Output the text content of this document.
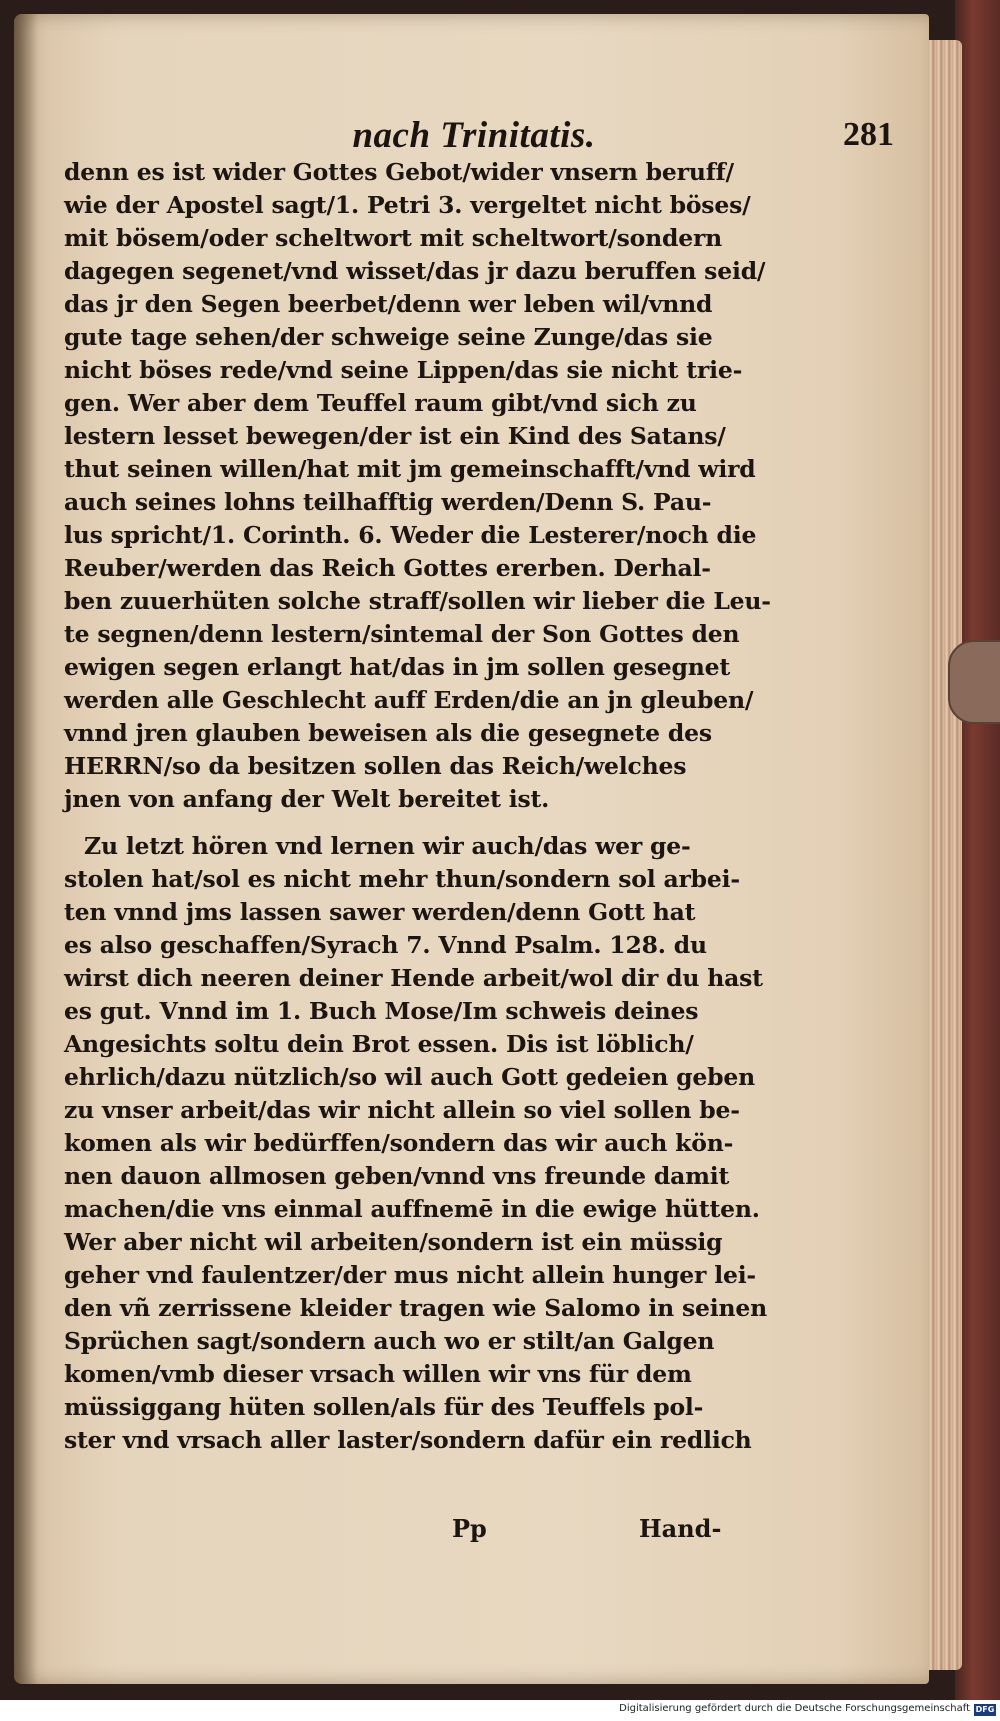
nach Trinitatis.	281
denn es ist wider Gottes Gebot/wider vnsern beruff/
wie der Apostel sagt/1. Petri 3. vergeltet nicht böses/
mit bösem/oder scheltwort mit scheltwort/sondern
dagegen segenet/vnd wisset/das jr dazu beruffen seid/
das jr den Segen beerbet/denn wer leben wil/vnnd
gute tage sehen/der schweige seine Zunge/das sie
nicht böses rede/vnd seine Lippen/das sie nicht trie-
gen. Wer aber dem Teuffel raum gibt/vnd sich zu
lestern lesset bewegen/der ist ein Kind des Satans/
thut seinen willen/hat mit jm gemeinschafft/vnd wird
auch seines lohns teilhafftig werden/Denn S. Pau-
lus spricht/1. Corinth. 6. Weder die Lesterer/noch die
Reuber/werden das Reich Gottes ererben. Derhal-
ben zuuerhüten solche straff/sollen wir lieber die Leu-
te segnen/denn lestern/sintemal der Son Gottes den
ewigen segen erlangt hat/das in jm sollen gesegnet
werden alle Geschlecht auff Erden/die an jn gleuben/
vnnd jren glauben beweisen als die gesegnete des
HERRN/so da besitzen sollen das Reich/welches
jnen von anfang der Welt bereitet ist.
Zu letzt hören vnd lernen wir auch/das wer ge-
stolen hat/sol es nicht mehr thun/sondern sol arbei-
ten vnnd jms lassen sawer werden/denn Gott hat
es also geschaffen/Syrach 7. Vnnd Psalm. 128. du
wirst dich neeren deiner Hende arbeit/wol dir du hast
es gut. Vnnd im 1. Buch Mose/Im schweis deines
Angesichts soltu dein Brot essen. Dis ist löblich/
ehrlich/dazu nützlich/so wil auch Gott gedeien geben
zu vnser arbeit/das wir nicht allein so viel sollen be-
komen als wir bedürffen/sondern das wir auch kön-
nen dauon allmosen geben/vnnd vns freunde damit
machen/die vns einmal auffnemē in die ewige hütten.
Wer aber nicht wil arbeiten/sondern ist ein müssig
geher vnd faulentzer/der mus nicht allein hunger lei-
den vñ zerrissene kleider tragen wie Salomo in seinen
Sprüchen sagt/sondern auch wo er stilt/an Galgen
komen/vmb dieser vrsach willen wir vns für dem
müssiggang hüten sollen/als für des Teuffels pol-
ster vnd vrsach aller laster/sondern dafür ein redlich
Pp	Hand-
Digitalisierung gefördert durch die Deutsche Forschungsgemeinschaft DFG
